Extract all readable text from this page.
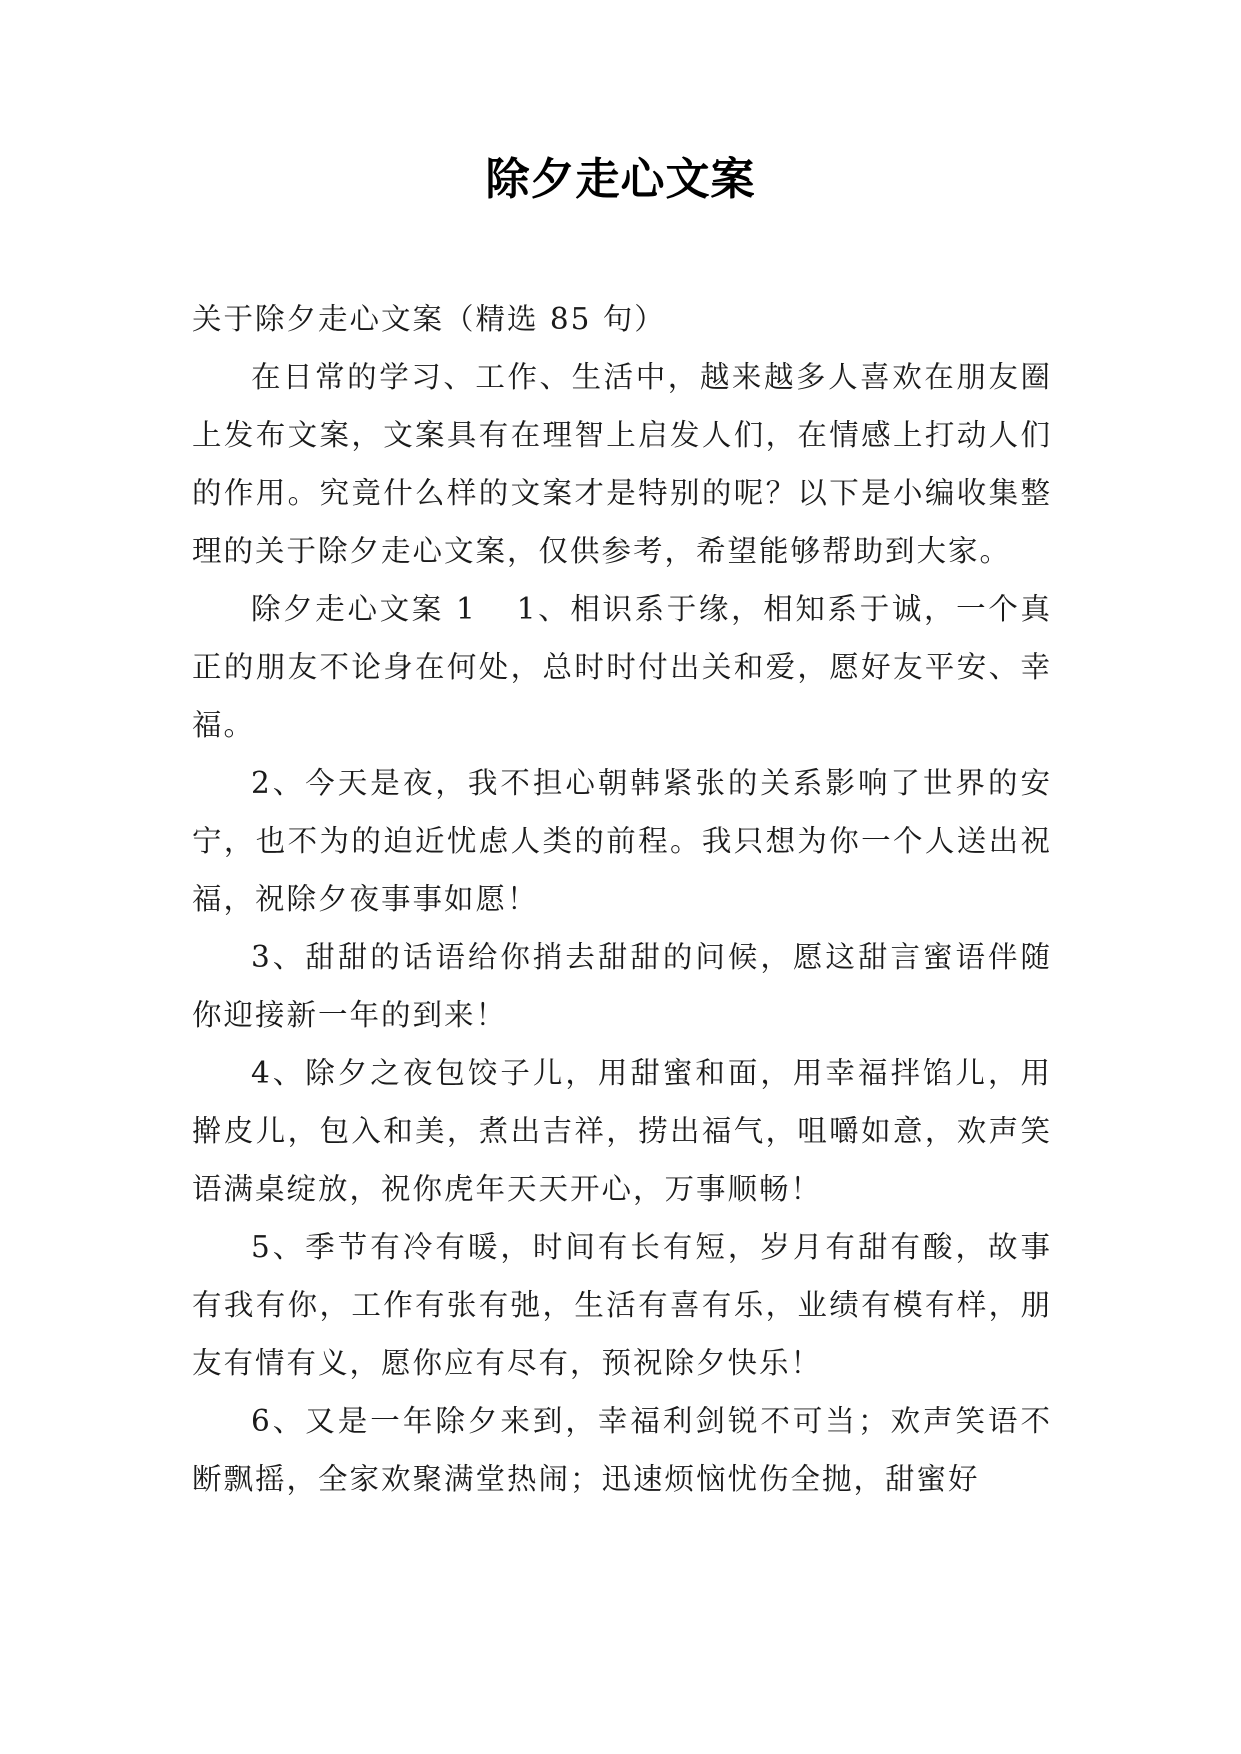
除夕走心文案

关于除夕走心文案（精选 85 句）

在日常的学习、工作、生活中，越来越多人喜欢在朋友圈上发布文案，文案具有在理智上启发人们，在情感上打动人们的作用。究竟什么样的文案才是特别的呢？以下是小编收集整理的关于除夕走心文案，仅供参考，希望能够帮助到大家。

除夕走心文案 1 1、相识系于缘，相知系于诚，一个真正的朋友不论身在何处，总时时付出关和爱，愿好友平安、幸福。

2、今天是夜，我不担心朝韩紧张的关系影响了世界的安宁，也不为的迫近忧虑人类的前程。我只想为你一个人送出祝福，祝除夕夜事事如愿！

3、甜甜的话语给你捎去甜甜的问候，愿这甜言蜜语伴随你迎接新一年的到来！

4、除夕之夜包饺子儿，用甜蜜和面，用幸福拌馅儿，用擀皮儿，包入和美，煮出吉祥，捞出福气，咀嚼如意，欢声笑语满桌绽放，祝你虎年天天开心，万事顺畅！

5、季节有冷有暖，时间有长有短，岁月有甜有酸，故事有我有你，工作有张有弛，生活有喜有乐，业绩有模有样，朋友有情有义，愿你应有尽有，预祝除夕快乐！

6、又是一年除夕来到，幸福利剑锐不可当；欢声笑语不断飘摇，全家欢聚满堂热闹；迅速烦恼忧伤全抛，甜蜜好
